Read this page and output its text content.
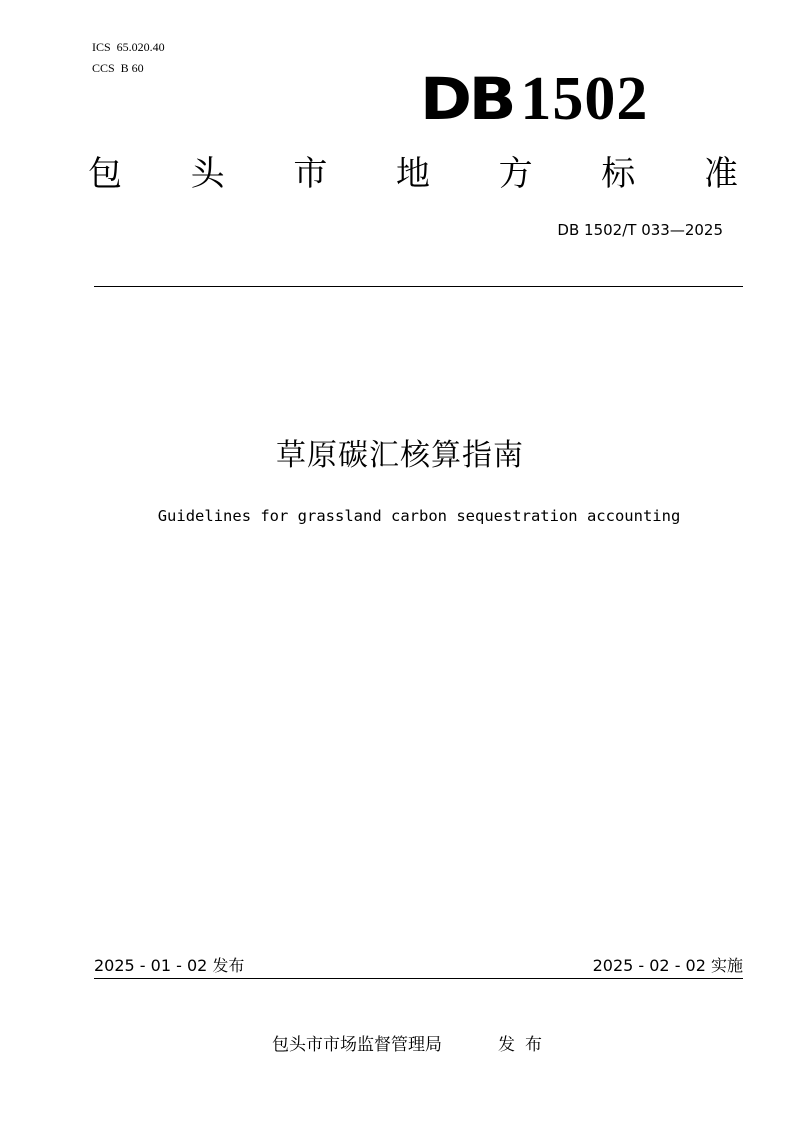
ICS  65.020.40
CCS  B 60	DB 1502
包 头 市 地 方 标 准
DB 1502/T 033—2025
草原碳汇核算指南
Guidelines for grassland carbon sequestration accounting
2025 - 01 - 02 发布	2025 - 02 - 02 实施
包头市市场监督管理局	发布
